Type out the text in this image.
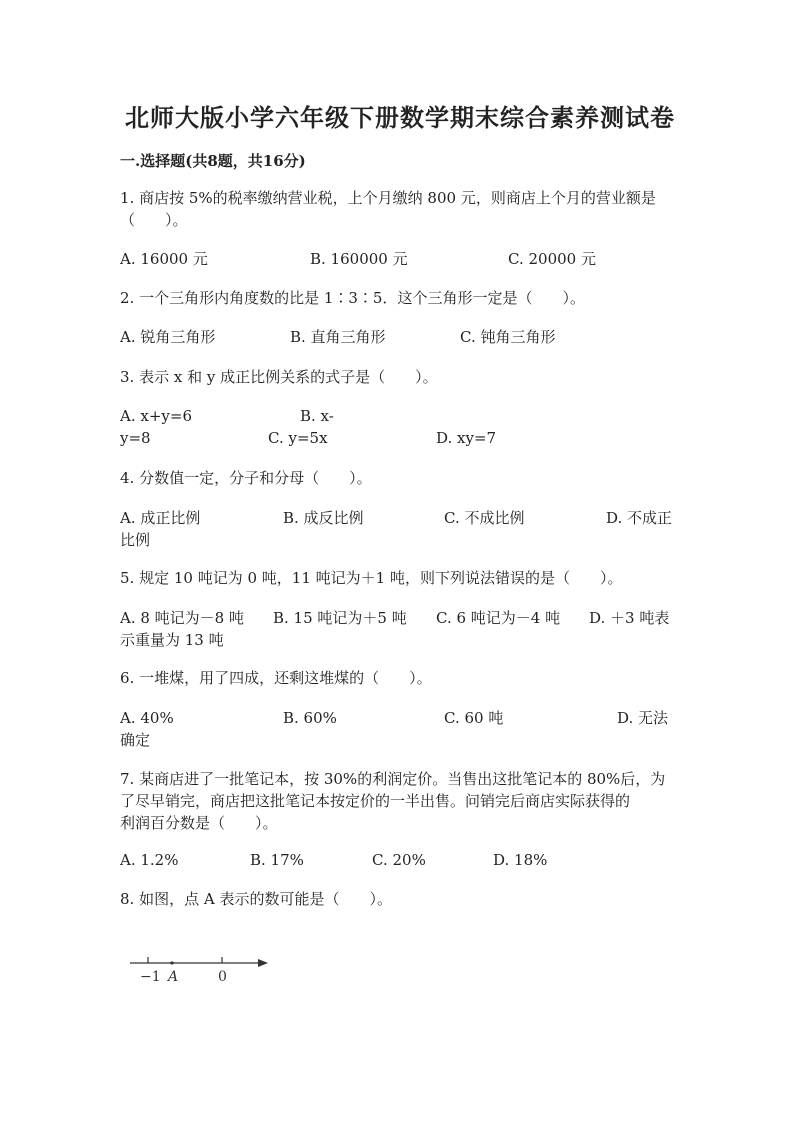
北师大版小学六年级下册数学期末综合素养测试卷
一.选择题(共8题，共16分)
1. 商店按 5%的税率缴纳营业税，上个月缴纳 800 元，则商店上个月的营业额是
（　　）。
A. 16000 元	B. 160000 元	C. 20000 元
2. 一个三角形内角度数的比是 1∶3∶5．这个三角形一定是（　　）。
A. 锐角三角形	B. 直角三角形	C. 钝角三角形
3. 表示 x 和 y 成正比例关系的式子是（　　）。
A. x+y=6	B. x-
y=8	C. y=5x	D. xy=7
4. 分数值一定，分子和分母（　　）。
A. 成正比例	B. 成反比例	C. 不成比例	D. 不成正
比例
5. 规定 10 吨记为 0 吨，11 吨记为＋1 吨，则下列说法错误的是（　　）。
A. 8 吨记为－8 吨 B. 15 吨记为＋5 吨 C. 6 吨记为－4 吨 D. ＋3 吨表
示重量为 13 吨
6. 一堆煤，用了四成，还剩这堆煤的（　　）。
A. 40%	B. 60%	C. 60 吨	D. 无法
确定
7. 某商店进了一批笔记本，按 30%的利润定价。当售出这批笔记本的 80%后，为
了尽早销完，商店把这批笔记本按定价的一半出售。问销完后商店实际获得的
利润百分数是（　　）。
A. 1.2%	B. 17%	C. 20%	D. 18%
8. 如图，点 A 表示的数可能是（　　）。
−1 A	0
